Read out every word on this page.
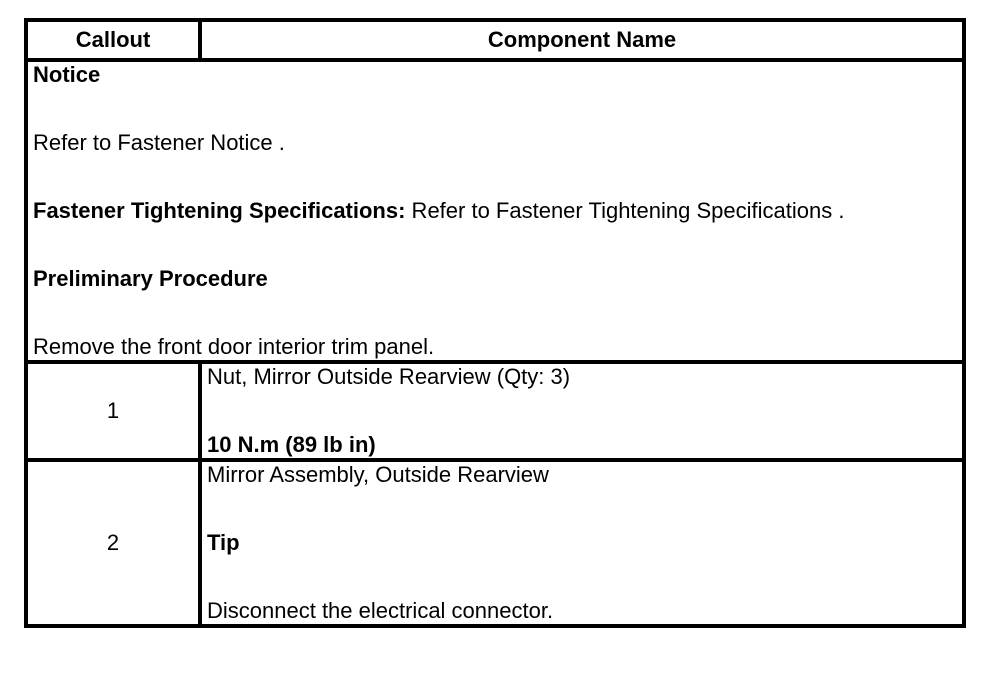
Callout	Component Name

Notice

Refer to Fastener Notice .

Fastener Tightening Specifications: Refer to Fastener Tightening Specifications .

Preliminary Procedure

Remove the front door interior trim panel.	

1	Nut, Mirror Outside Rearview (Qty: 3)

10 N.m (89 lb in)

2	Mirror Assembly, Outside Rearview

Tip

Disconnect the electrical connector.
